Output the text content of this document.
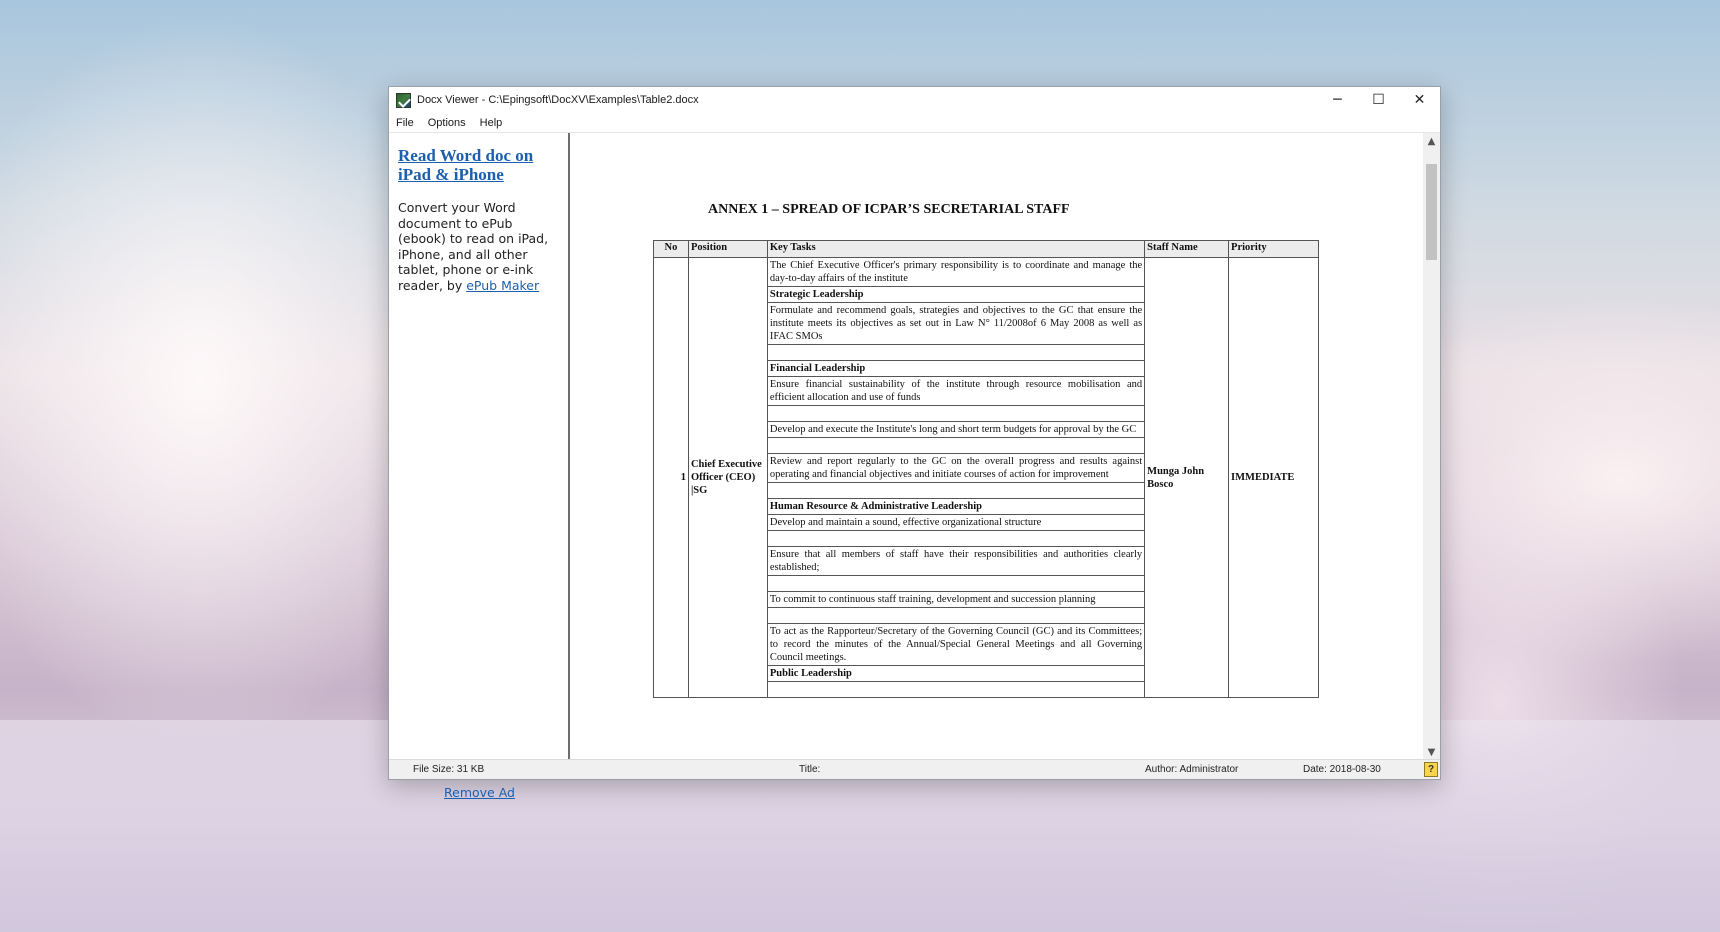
Docx Viewer - C:\Epingsoft\DocXV\Examples\Table2.docx	─	☐	✕
File Options Help
Read Word doc on iPad & iPhone
Convert your Word document to ePub (ebook) to read on iPad, iPhone, and all other tablet, phone or e-ink reader, by ePub Maker
Remove Ad
ANNEX 1 – SPREAD OF ICPAR’S SECRETARIAL STAFF
No	Position	Key Tasks	Staff Name	Priority
1	Chief Executive Officer (CEO) |SG	The Chief Executive Officer's primary responsibility is to coordinate and manage the day-to-day affairs of the institute	Munga John Bosco	IMMEDIATE
		Strategic Leadership		
		Formulate and recommend goals, strategies and objectives to the GC that ensure the institute meets its objectives as set out in Law N° 11/2008of 6 May 2008 as well as IFAC SMOs		

		Financial Leadership		
		Ensure financial sustainability of the institute through resource mobilisation and efficient allocation and use of funds		

		Develop and execute the Institute's long and short term budgets for approval by the GC		

		Review and report regularly to the GC on the overall progress and results against operating and financial objectives and initiate courses of action for improvement		

		Human Resource & Administrative Leadership		
		Develop and maintain a sound, effective organizational structure		

		Ensure that all members of staff have their responsibilities and authorities clearly established;		

		To commit to continuous staff training, development and succession planning		

		To act as the Rapporteur/Secretary of the Governing Council (GC) and its Committees; to record the minutes of the Annual/Special General Meetings and all Governing Council meetings.		
		Public Leadership		

▲
▼
File Size: 31 KB	Title:	Author: Administrator	Date: 2018-08-30	?
